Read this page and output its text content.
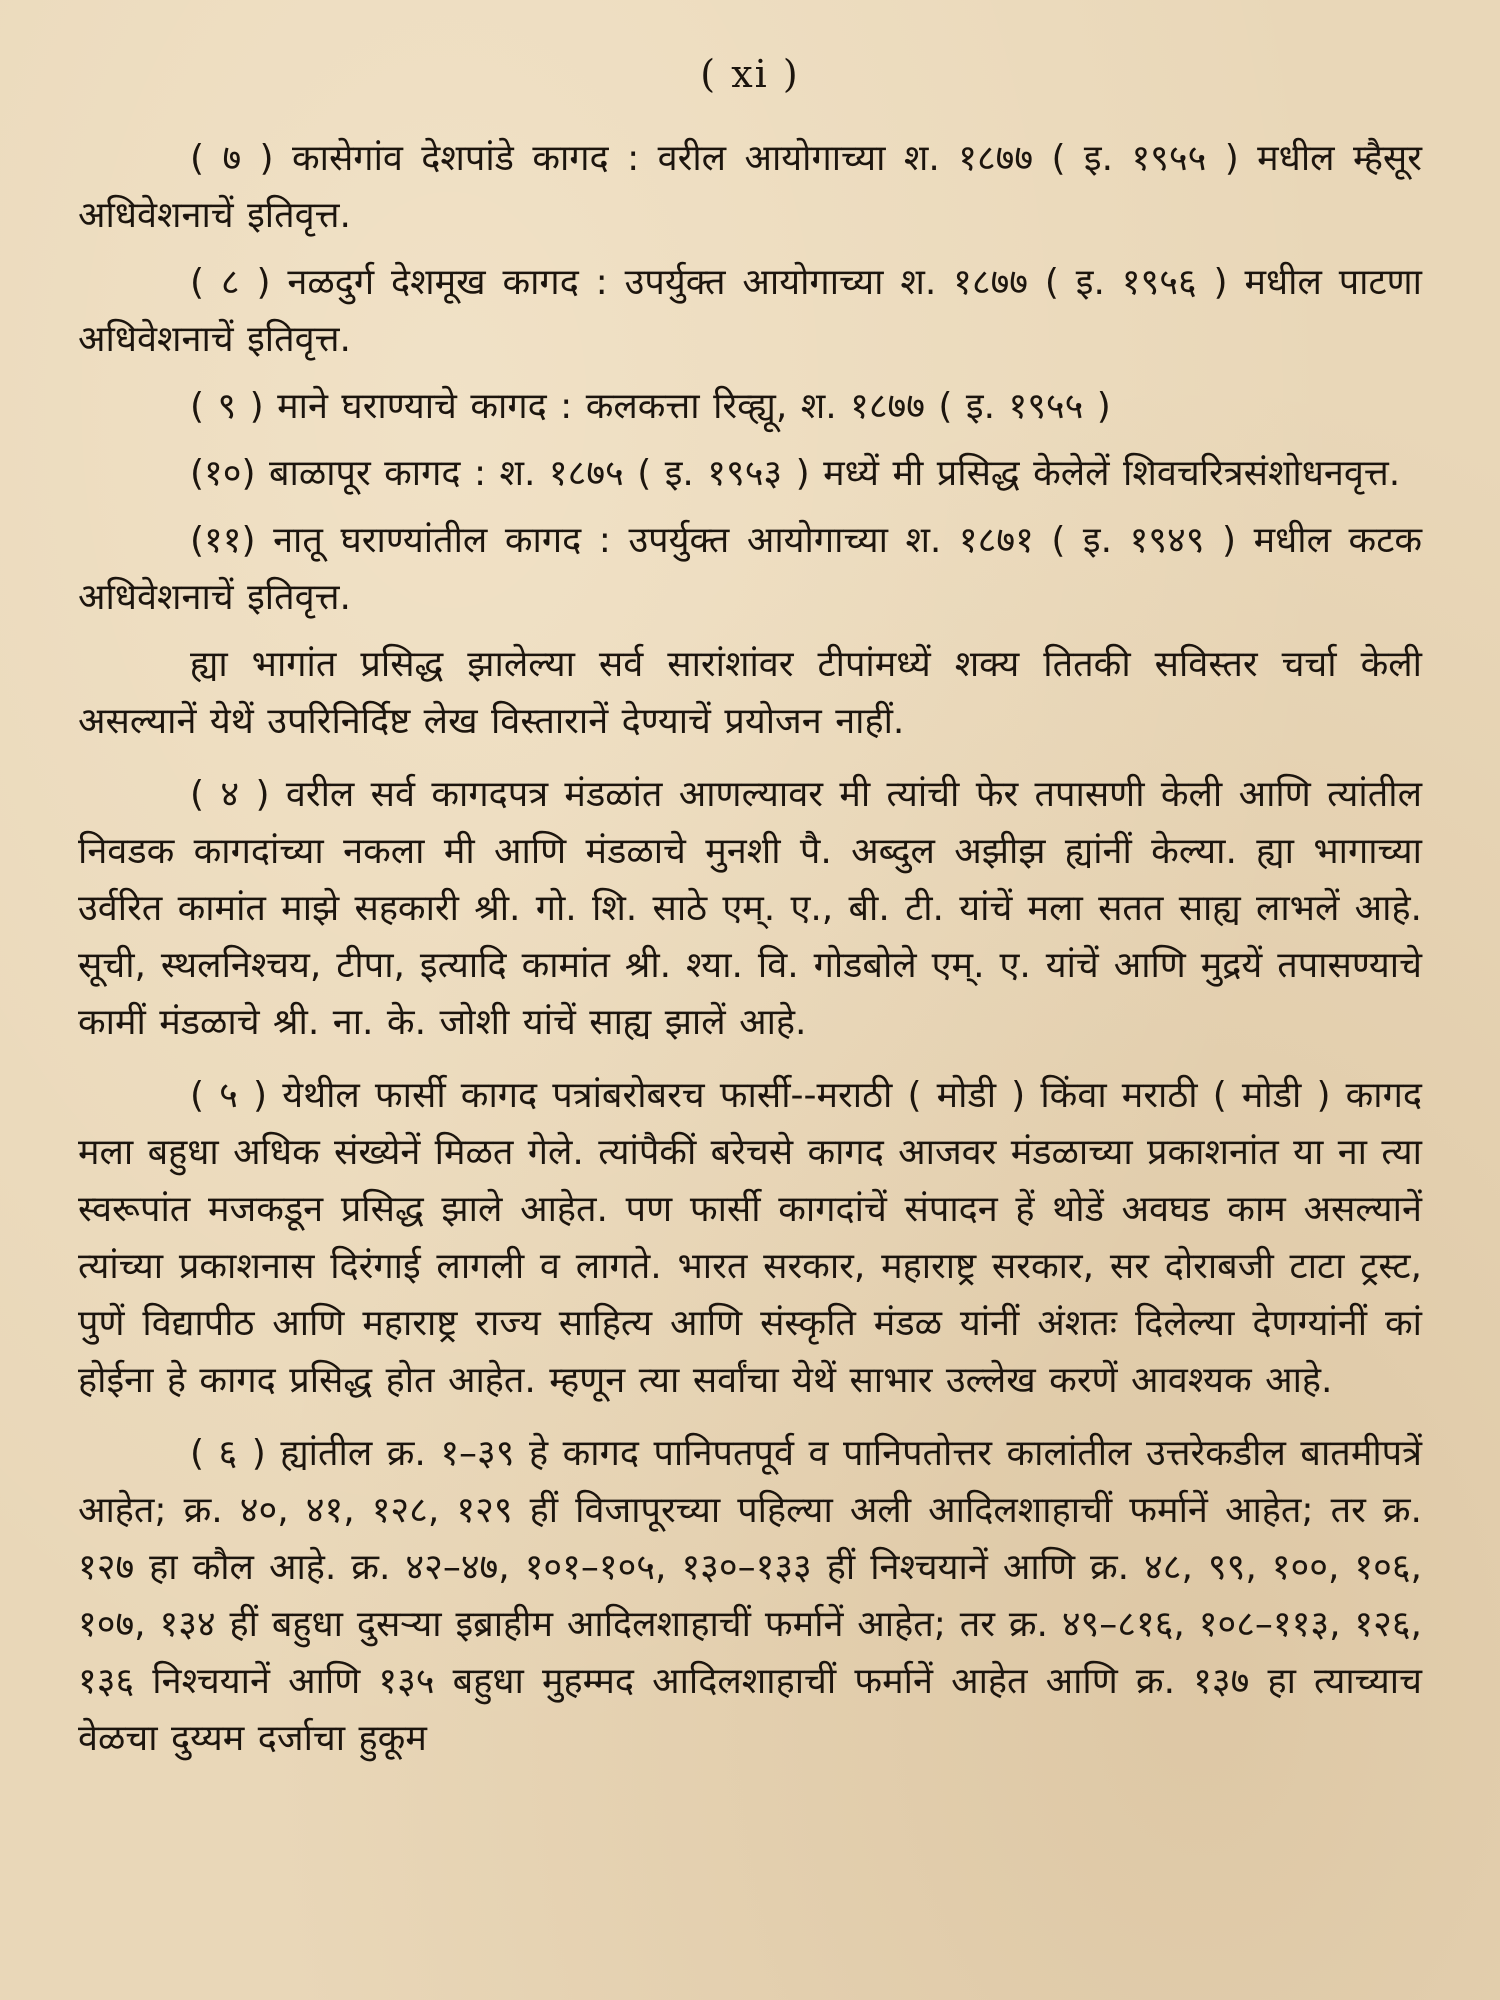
( xi )

( ७ ) कासेगांव देशपांडे कागद : वरील आयोगाच्या श. १८७७ ( इ. १९५५ ) मधील म्हैसूर अधिवेशनाचें इतिवृत्त.

( ८ ) नळदुर्ग देशमूख कागद : उपर्युक्त आयोगाच्या श. १८७७ ( इ. १९५६ ) मधील पाटणा अधिवेशनाचें इतिवृत्त.

( ९ ) माने घराण्याचे कागद : कलकत्ता रिव्ह्यू, श. १८७७ ( इ. १९५५ )

(१०) बाळापूर कागद : श. १८७५ ( इ. १९५३ ) मध्यें मी प्रसिद्ध केलेलें शिवचरित्रसंशोधनवृत्त.

(११) नातू घराण्यांतील कागद : उपर्युक्त आयोगाच्या श. १८७१ ( इ. १९४९ ) मधील कटक अधिवेशनाचें इतिवृत्त.

ह्या भागांत प्रसिद्ध झालेल्या सर्व सारांशांवर टीपांमध्यें शक्य तितकी सविस्तर चर्चा केली असल्यानें येथें उपरिनिर्दिष्ट लेख विस्तारानें देण्याचें प्रयोजन नाहीं.

( ४ ) वरील सर्व कागदपत्र मंडळांत आणल्यावर मी त्यांची फेर तपासणी केली आणि त्यांतील निवडक कागदांच्या नकला मी आणि मंडळाचे मुनशी पै. अब्दुल अझीझ ह्यांनीं केल्या. ह्या भागाच्या उर्वरित कामांत माझे सहकारी श्री. गो. शि. साठे एम्. ए., बी. टी. यांचें मला सतत साह्य लाभलें आहे. सूची, स्थलनिश्चय, टीपा, इत्यादि कामांत श्री. श्या. वि. गोडबोले एम्. ए. यांचें आणि मुद्रयें तपासण्याचे कामीं मंडळाचे श्री. ना. के. जोशी यांचें साह्य झालें आहे.

( ५ ) येथील फार्सी कागद पत्रांबरोबरच फार्सी--मराठी ( मोडी ) किंवा मराठी ( मोडी ) कागद मला बहुधा अधिक संख्येनें मिळत गेले. त्यांपैकीं बरेचसे कागद आजवर मंडळाच्या प्रकाशनांत या ना त्या स्वरूपांत मजकडून प्रसिद्ध झाले आहेत. पण फार्सी कागदांचें संपादन हें थोडें अवघड काम असल्यानें त्यांच्या प्रकाशनास दिरंगाई लागली व लागते. भारत सरकार, महाराष्ट्र सरकार, सर दोराबजी टाटा ट्रस्ट, पुणें विद्यापीठ आणि महाराष्ट्र राज्य साहित्य आणि संस्कृति मंडळ यांनीं अंशतः दिलेल्या देणग्यांनीं कां होईना हे कागद प्रसिद्ध होत आहेत. म्हणून त्या सर्वांचा येथें साभार उल्लेख करणें आवश्यक आहे.

( ६ ) ह्यांतील क्र. १–३९ हे कागद पानिपतपूर्व व पानिपतोत्तर कालांतील उत्तरेकडील बातमीपत्रें आहेत; क्र. ४०, ४१, १२८, १२९ हीं विजापूरच्या पहिल्या अली आदिलशाहाचीं फर्मानें आहेत; तर क्र. १२७ हा कौल आहे. क्र. ४२–४७, १०१–१०५, १३०–१३३ हीं निश्चयानें आणि क्र. ४८, ९९, १००, १०६, १०७, १३४ हीं बहुधा दुसऱ्या इब्राहीम आदिलशाहाचीं फर्मानें आहेत; तर क्र. ४९–८१६, १०८–११३, १२६, १३६ निश्चयानें आणि १३५ बहुधा मुहम्मद आदिलशाहाचीं फर्मानें आहेत आणि क्र. १३७ हा त्याच्याच वेळचा दुय्यम दर्जाचा हुकूम
